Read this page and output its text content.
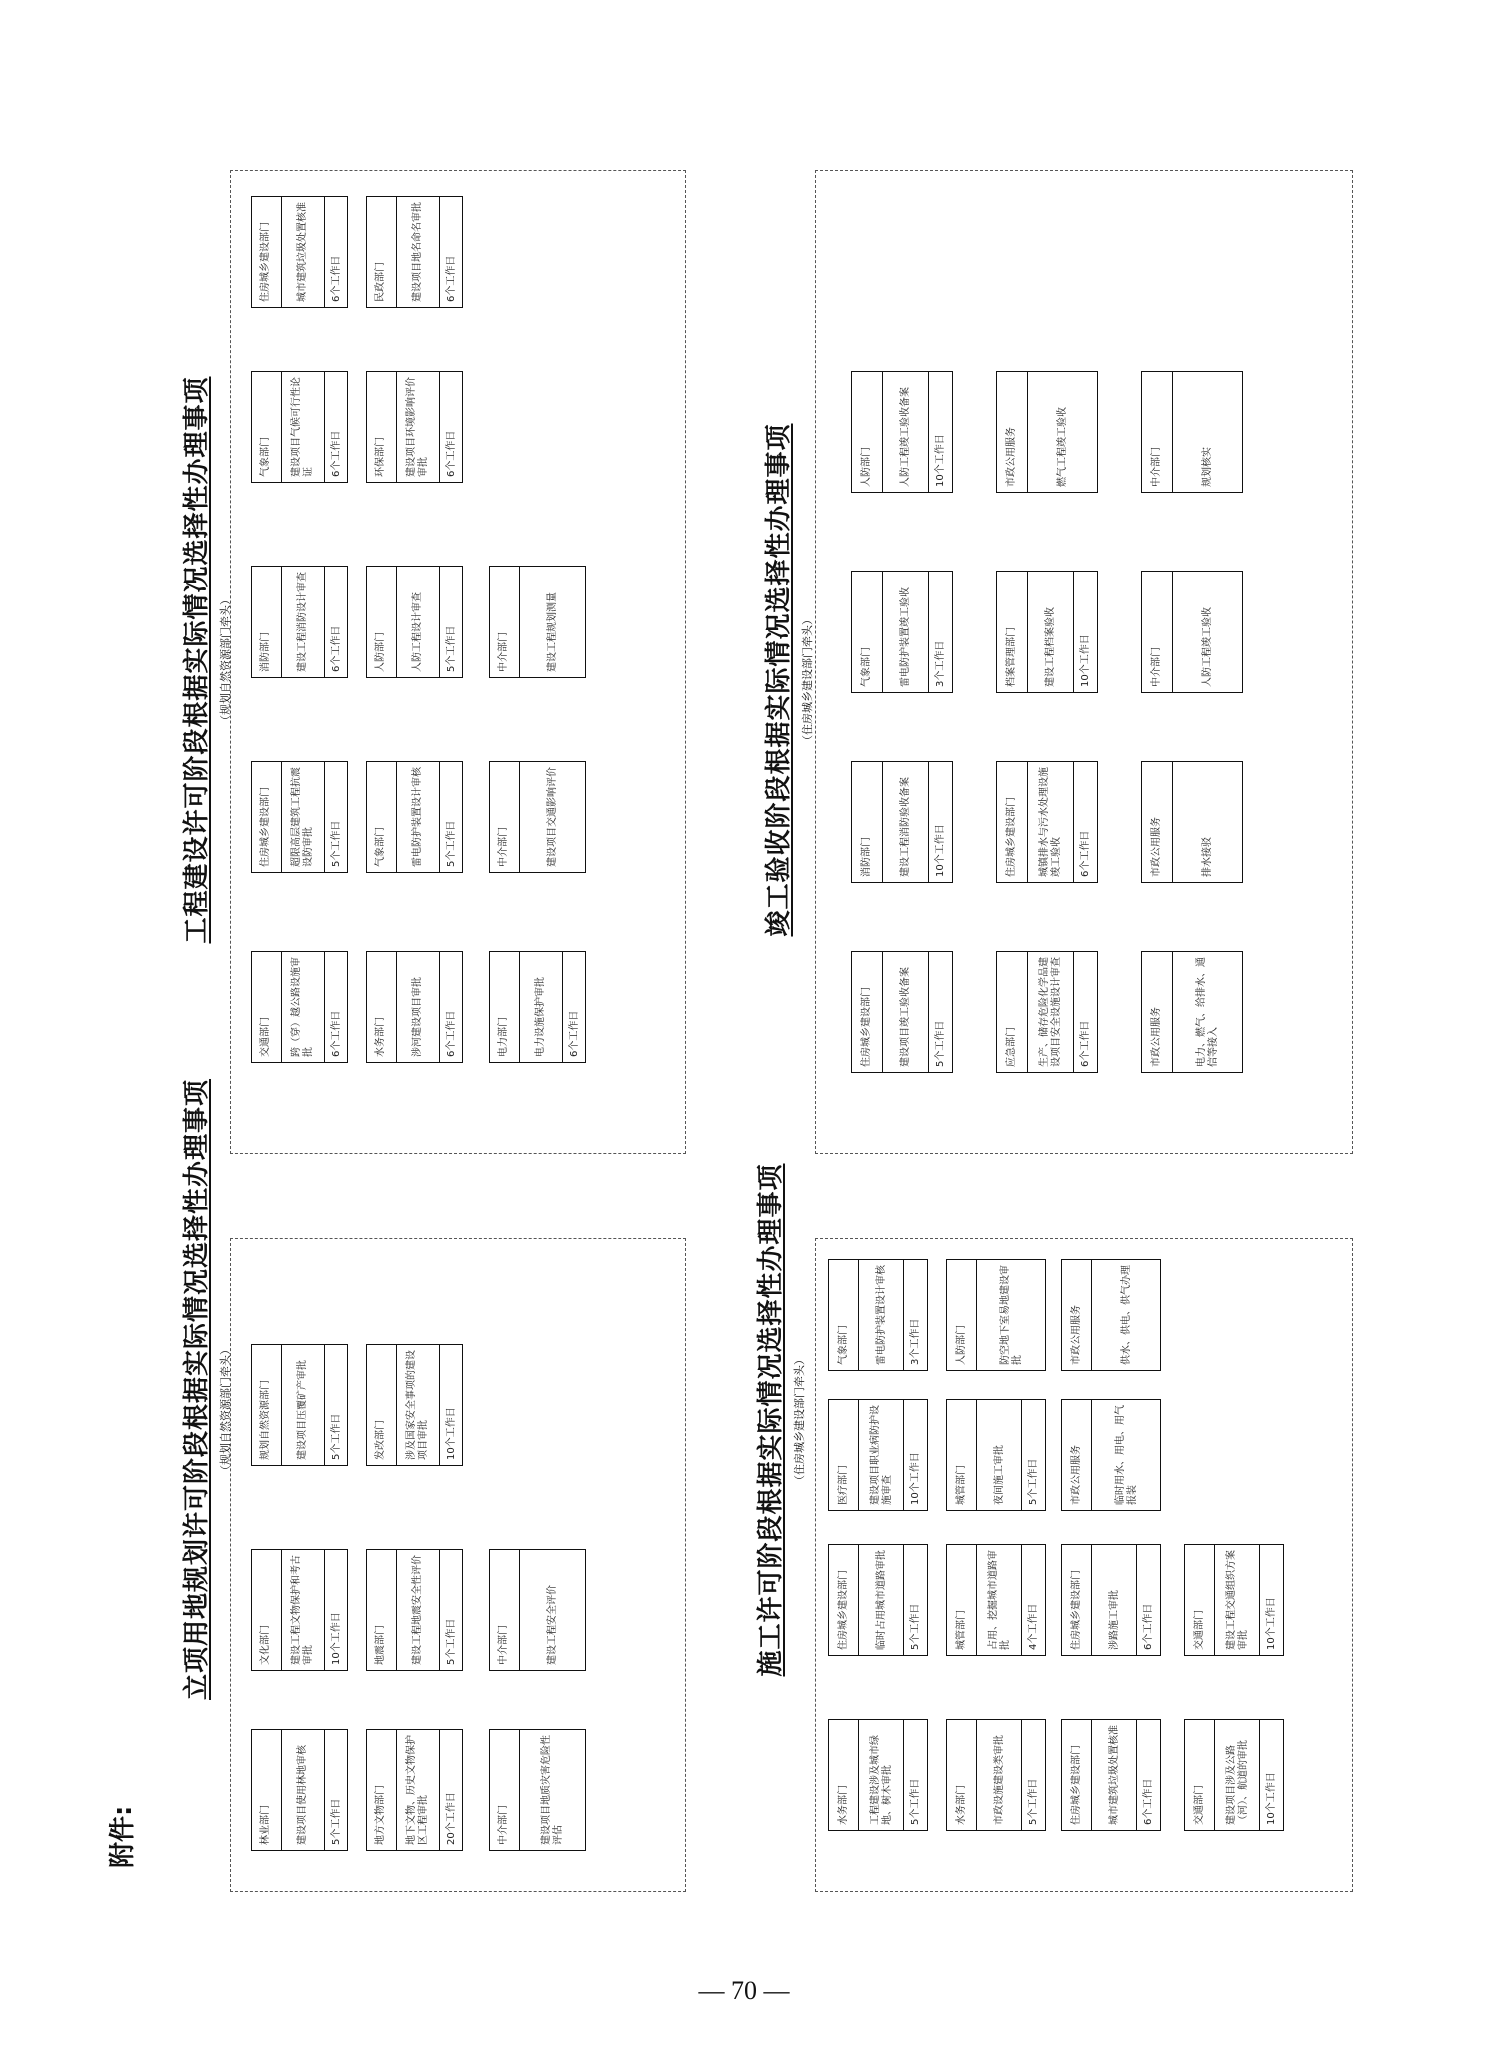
附件:
立项用地规划许可阶段根据实际情况选择性办理事项 （规划自然资源部门牵头）
工程建设许可阶段根据实际情况选择性办理事项 （规划自然资源部门牵头）
施工许可阶段根据实际情况选择性办理事项 （住房城乡建设部门牵头）
竣工验收阶段根据实际情况选择性办理事项 （住房城乡建设部门牵头）
林业部门	建设项目使用林地审核 5个工作日	地方文物部门 地下文物、历史文物保护区工程审批 20个工作日	中介部门	建设项目地质灾害危险性评估
文化部门 建设工程文物保护和考古审批 10个工作日	地震部门	建设工程地震安全性评价 5个工作日	中介部门	建设工程安全评价
规划自然资源部门	建设项目压覆矿产审批 5个工作日	发改部门 涉及国家安全事项的建设项目审批 10个工作日
交通部门 跨（穿）越公路设施审批 6个工作日	水务部门	涉河建设项目审批 6个工作日	电力部门	电力设施保护审批 6个工作日
住房城乡建设部门 超限高层建筑工程抗震设防审批 5个工作日	气象部门	雷电防护装置设计审核 5个工作日	中介部门	建设项目交通影响评价
消防部门	建设工程消防设计审查 6个工作日	人防部门	人防工程设计审查 5个工作日	中介部门	建设工程规划测量
气象部门 建设项目气候可行性论证 6个工作日	环保部门 建设项目环境影响评价审批 6个工作日
住房城乡建设部门	城市建筑垃圾处置核准 6个工作日	民政部门	建设项目地名命名审批 6个工作日
水务部门 工程建设涉及城市绿地、树木审批 5个工作日	水务部门	市政设施建设类审批 5个工作日	住房城乡建设部门	城市建筑垃圾处置核准 6个工作日	交通部门 建设项目涉及公路（河）、航道的审批 10个工作日
住房城乡建设部门	临时占用城市道路审批 5个工作日	城管部门 占用、挖掘城市道路审批 4个工作日	住房城乡建设部门	涉路施工审批 6个工作日	交通部门 建设工程交通组织方案审批 10个工作日
医疗部门 建设项目职业病防护设施审查 10个工作日	城管部门	夜间施工审批 5个工作日	市政公用服务	临时用水、用电、用气报装
气象部门	雷电防护装置设计审核 3个工作日	人防部门	防空地下室易地建设审批	市政公用服务	供水、供电、供气办理
住房城乡建设部门	建设项目竣工验收备案 5个工作日	应急部门 生产、储存危险化学品建设项目安全设施设计审查 6个工作日	市政公用服务	电力、燃气、给排水、通信等接入
消防部门	建设工程消防验收备案 10个工作日	住房城乡建设部门 城镇排水与污水处理设施竣工验收 6个工作日	市政公用服务	排水接驳
气象部门	雷电防护装置竣工验收 3个工作日	档案管理部门	建设工程档案验收 10个工作日	中介部门	人防工程竣工验收
人防部门	人防工程竣工验收备案 10个工作日	市政公用服务	燃气工程竣工验收	中介部门	规划核实
— 70 —
